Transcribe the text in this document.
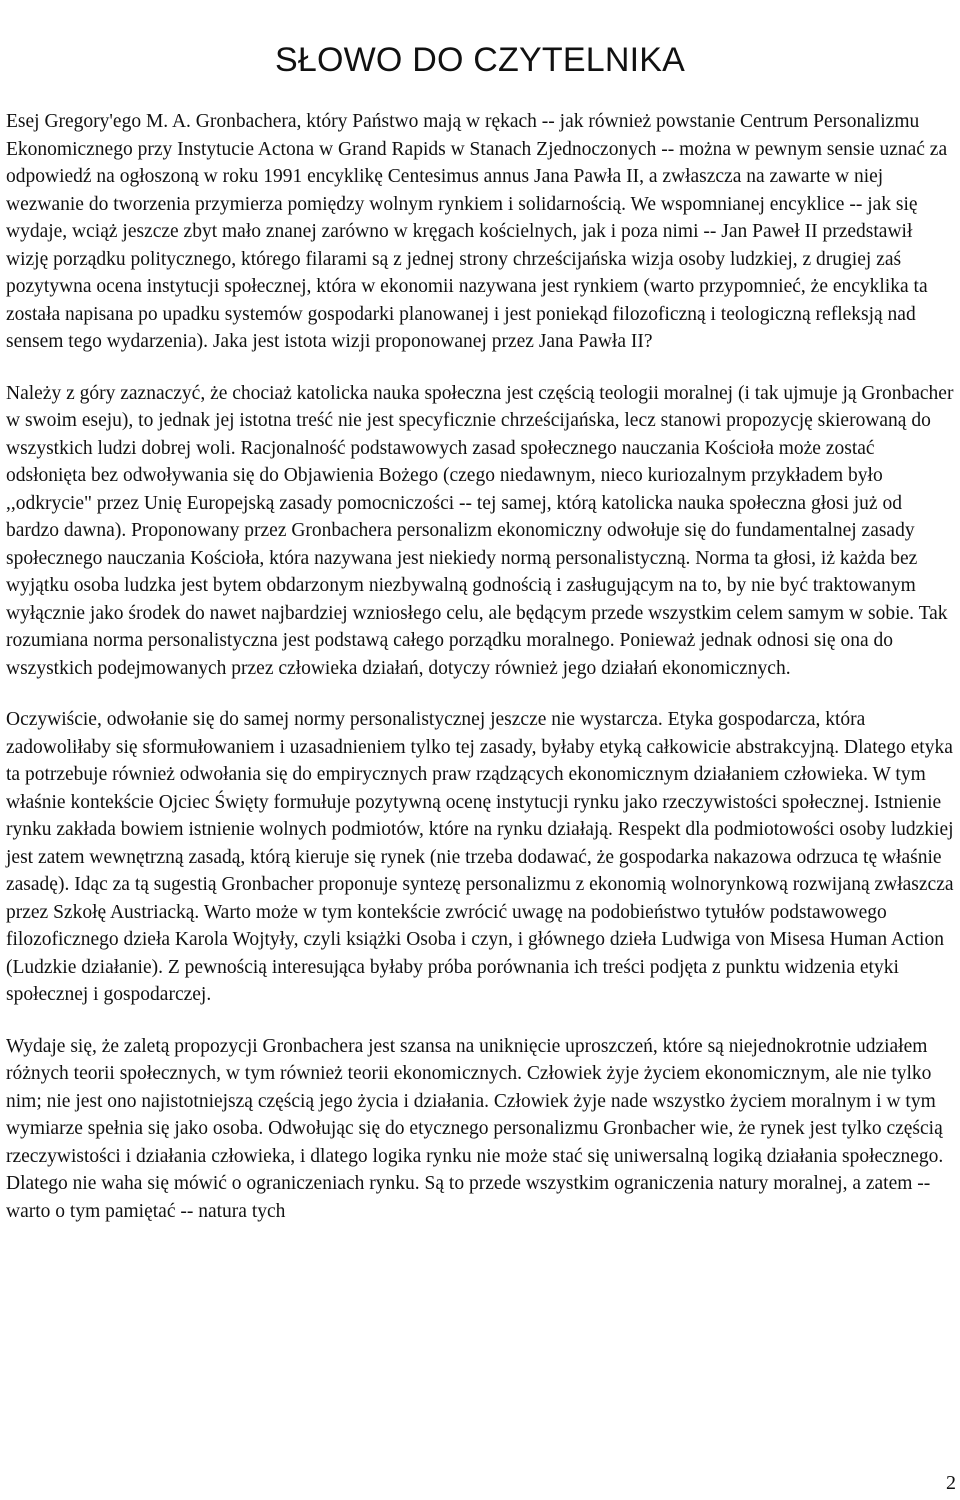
SŁOWO DO CZYTELNIKA

Esej Gregory'ego M. A. Gronbachera, który Państwo mają w rękach -- jak również powstanie Centrum Personalizmu Ekonomicznego przy Instytucie Actona w Grand Rapids w Stanach Zjednoczonych -- można w pewnym sensie uznać za odpowiedź na ogłoszoną w roku 1991 encyklikę Centesimus annus Jana Pawła II, a zwłaszcza na zawarte w niej wezwanie do tworzenia przymierza pomiędzy wolnym rynkiem i solidarnością. We wspomnianej encyklice -- jak się wydaje, wciąż jeszcze zbyt mało znanej zarówno w kręgach kościelnych, jak i poza nimi -- Jan Paweł II przedstawił wizję porządku politycznego, którego filarami są z jednej strony chrześcijańska wizja osoby ludzkiej, z drugiej zaś pozytywna ocena instytucji społecznej, która w ekonomii nazywana jest rynkiem (warto przypomnieć, że encyklika ta została napisana po upadku systemów gospodarki planowanej i jest poniekąd filozoficzną i teologiczną refleksją nad sensem tego wydarzenia). Jaka jest istota wizji proponowanej przez Jana Pawła II?

Należy z góry zaznaczyć, że chociaż katolicka nauka społeczna jest częścią teologii moralnej (i tak ujmuje ją Gronbacher w swoim eseju), to jednak jej istotna treść nie jest specyficznie chrześcijańska, lecz stanowi propozycję skierowaną do wszystkich ludzi dobrej woli. Racjonalność podstawowych zasad społecznego nauczania Kościoła może zostać odsłonięta bez odwoływania się do Objawienia Bożego (czego niedawnym, nieco kuriozalnym przykładem było ,,odkrycie" przez Unię Europejską zasady pomocniczości -- tej samej, którą katolicka nauka społeczna głosi już od bardzo dawna). Proponowany przez Gronbachera personalizm ekonomiczny odwołuje się do fundamentalnej zasady społecznego nauczania Kościoła, która nazywana jest niekiedy normą personalistyczną. Norma ta głosi, iż każda bez wyjątku osoba ludzka jest bytem obdarzonym niezbywalną godnością i zasługującym na to, by nie być traktowanym wyłącznie jako środek do nawet najbardziej wzniosłego celu, ale będącym przede wszystkim celem samym w sobie. Tak rozumiana norma personalistyczna jest podstawą całego porządku moralnego. Ponieważ jednak odnosi się ona do wszystkich podejmowanych przez człowieka działań, dotyczy również jego działań ekonomicznych.

Oczywiście, odwołanie się do samej normy personalistycznej jeszcze nie wystarcza. Etyka gospodarcza, która zadowoliłaby się sformułowaniem i uzasadnieniem tylko tej zasady, byłaby etyką całkowicie abstrakcyjną. Dlatego etyka ta potrzebuje również odwołania się do empirycznych praw rządzących ekonomicznym działaniem człowieka. W tym właśnie kontekście Ojciec Święty formułuje pozytywną ocenę instytucji rynku jako rzeczywistości społecznej. Istnienie rynku zakłada bowiem istnienie wolnych podmiotów, które na rynku działają. Respekt dla podmiotowości osoby ludzkiej jest zatem wewnętrzną zasadą, którą kieruje się rynek (nie trzeba dodawać, że gospodarka nakazowa odrzuca tę właśnie zasadę). Idąc za tą sugestią Gronbacher proponuje syntezę personalizmu z ekonomią wolnorynkową rozwijaną zwłaszcza przez Szkołę Austriacką. Warto może w tym kontekście zwrócić uwagę na podobieństwo tytułów podstawowego filozoficznego dzieła Karola Wojtyły, czyli książki Osoba i czyn, i głównego dzieła Ludwiga von Misesa Human Action (Ludzkie działanie). Z pewnością interesująca byłaby próba porównania ich treści podjęta z punktu widzenia etyki społecznej i gospodarczej.

Wydaje się, że zaletą propozycji Gronbachera jest szansa na uniknięcie uproszczeń, które są niejednokrotnie udziałem różnych teorii społecznych, w tym również teorii ekonomicznych. Człowiek żyje życiem ekonomicznym, ale nie tylko nim; nie jest ono najistotniejszą częścią jego życia i działania. Człowiek żyje nade wszystko życiem moralnym i w tym wymiarze spełnia się jako osoba. Odwołując się do etycznego personalizmu Gronbacher wie, że rynek jest tylko częścią rzeczywistości i działania człowieka, i dlatego logika rynku nie może stać się uniwersalną logiką działania społecznego. Dlatego nie waha się mówić o ograniczeniach rynku. Są to przede wszystkim ograniczenia natury moralnej, a zatem -- warto o tym pamiętać -- natura tych

2
